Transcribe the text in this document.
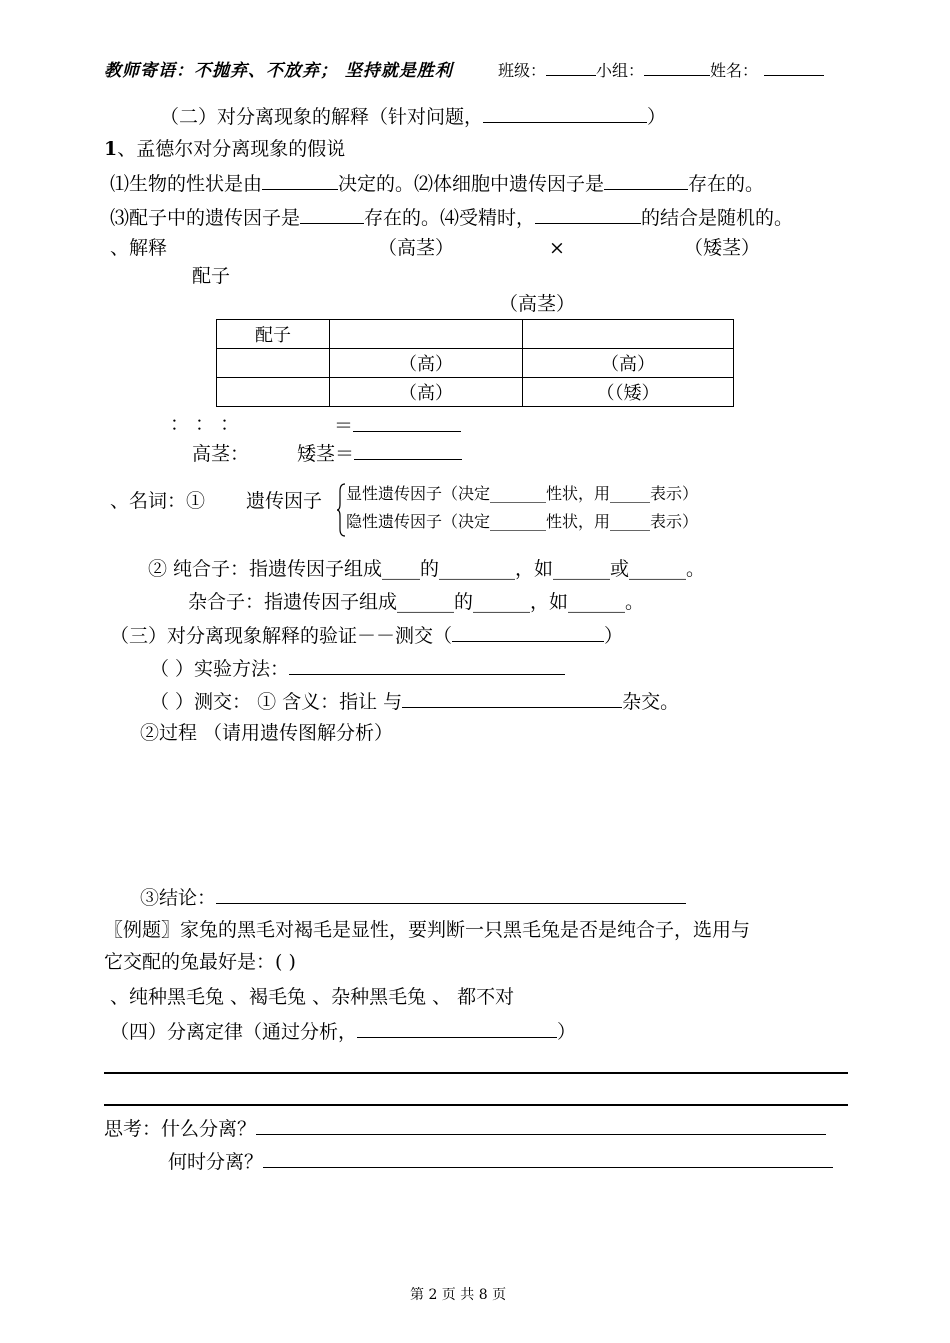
教师寄语：不抛弃、不放弃； 坚持就是胜利	班级：	小组：	姓名：
（二）对分离现象的解释（针对问题，	）
1、孟德尔对分离现象的假说
⑴生物的性状是由	决定的。⑵体细胞中遗传因子是	存在的。
⑶配子中的遗传因子是	存在的。⑷受精时，	的结合是随机的。
、解释	（高茎）	×	（矮茎）
配子
（高茎）
配子		
	（高）	（高）
	（高）	（（矮）
： ： ：	＝
高茎：	矮茎＝
、名词：① 遗传因子 显性遗传因子（决定_______性状，用_____表示）
隐性遗传因子（决定_______性状，用_____表示）
② 纯合子：指遗传因子组成____的________，如______或______。
杂合子：指遗传因子组成______的______，如______。
（三）对分离现象解释的验证－－测交（	）
（ ）实验方法：
（ ）测交： ① 含义：指让 与	杂交。
②过程 （请用遗传图解分析）
③结论：
〖例题〗家兔的黑毛对褐毛是显性，要判断一只黑毛兔是否是纯合子，选用与
它交配的兔最好是：( )
、纯种黑毛兔 、褐毛兔 、杂种黑毛兔 、 都不对
（四）分离定律（通过分析，	）
思考：什么分离？
何时分离？
第 2 页 共 8 页
